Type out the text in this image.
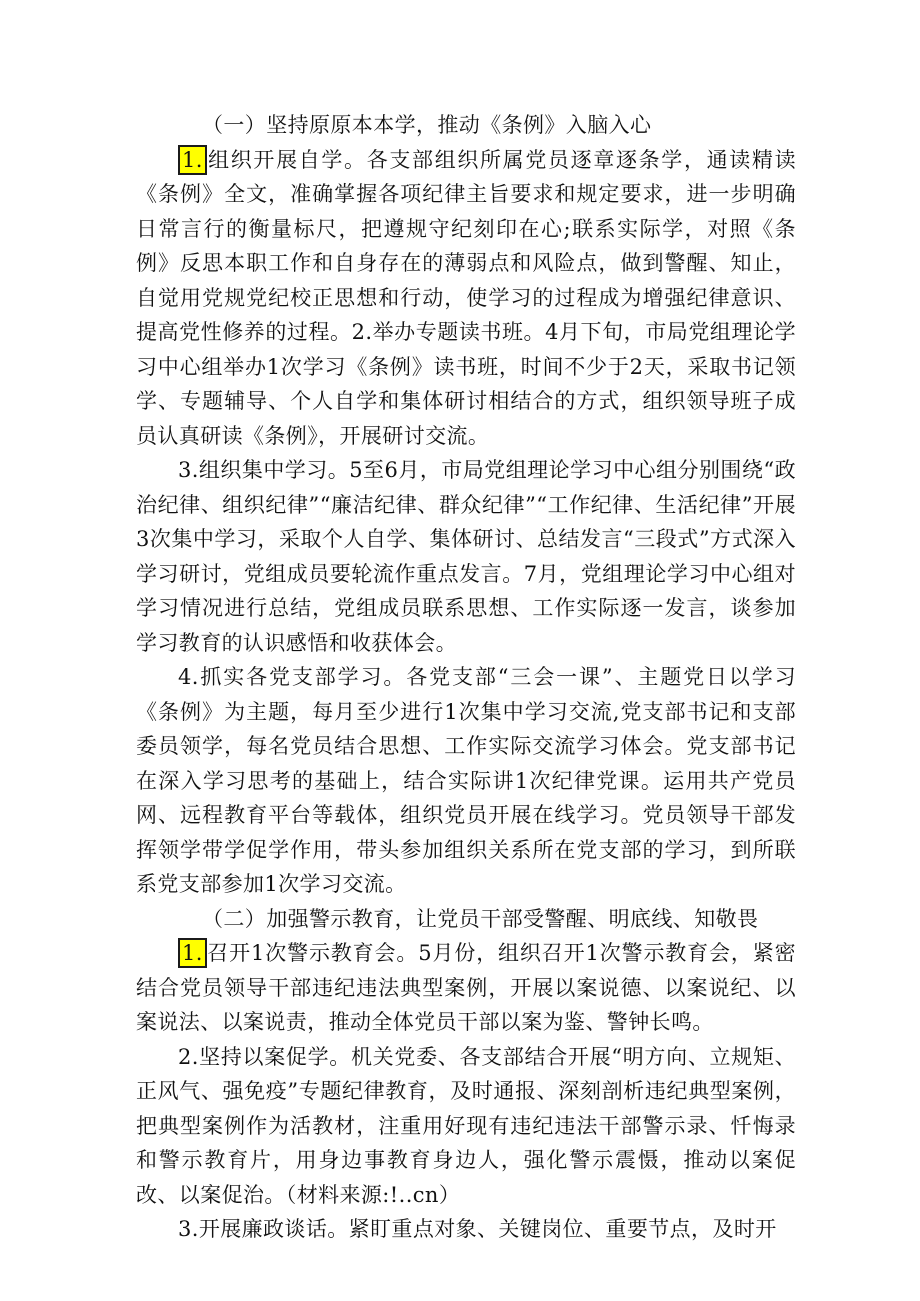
（一）坚持原原本本学，推动《条例》入脑入心

1. 组织开展自学。各支部组织所属党员逐章逐条学，通读精读《条例》全文，准确掌握各项纪律主旨要求和规定要求，进一步明确日常言行的衡量标尺，把遵规守纪刻印在心;联系实际学，对照《条例》反思本职工作和自身存在的薄弱点和风险点，做到警醒、知止，自觉用党规党纪校正思想和行动，使学习的过程成为增强纪律意识、提高党性修养的过程。2.举办专题读书班。4月下旬，市局党组理论学习中心组举办1次学习《条例》读书班，时间不少于2天，采取书记领学、专题辅导、个人自学和集体研讨相结合的方式，组织领导班子成员认真研读《条例》，开展研讨交流。

3.组织集中学习。5至6月，市局党组理论学习中心组分别围绕“政治纪律、组织纪律”“廉洁纪律、群众纪律”“工作纪律、生活纪律”开展3次集中学习，采取个人自学、集体研讨、总结发言“三段式”方式深入学习研讨，党组成员要轮流作重点发言。7月，党组理论学习中心组对学习情况进行总结，党组成员联系思想、工作实际逐一发言，谈参加学习教育的认识感悟和收获体会。

4.抓实各党支部学习。各党支部“三会一课”、主题党日以学习《条例》为主题，每月至少进行1次集中学习交流,党支部书记和支部委员领学，每名党员结合思想、工作实际交流学习体会。党支部书记在深入学习思考的基础上，结合实际讲1次纪律党课。运用共产党员网、远程教育平台等载体，组织党员开展在线学习。党员领导干部发挥领学带学促学作用，带头参加组织关系所在党支部的学习，到所联系党支部参加1次学习交流。

（二）加强警示教育，让党员干部受警醒、明底线、知敬畏

1. 召开1次警示教育会。5月份，组织召开1次警示教育会，紧密结合党员领导干部违纪违法典型案例，开展以案说德、以案说纪、以案说法、以案说责，推动全体党员干部以案为鉴、警钟长鸣。

2.坚持以案促学。机关党委、各支部结合开展“明方向、立规矩、正风气、强免疫”专题纪律教育，及时通报、深刻剖析违纪典型案例，把典型案例作为活教材，注重用好现有违纪违法干部警示录、忏悔录和警示教育片，用身边事教育身边人，强化警示震慑，推动以案促改、以案促治。（材料来源:!..cn）

3.开展廉政谈话。紧盯重点对象、关键岗位、重要节点，及时开
